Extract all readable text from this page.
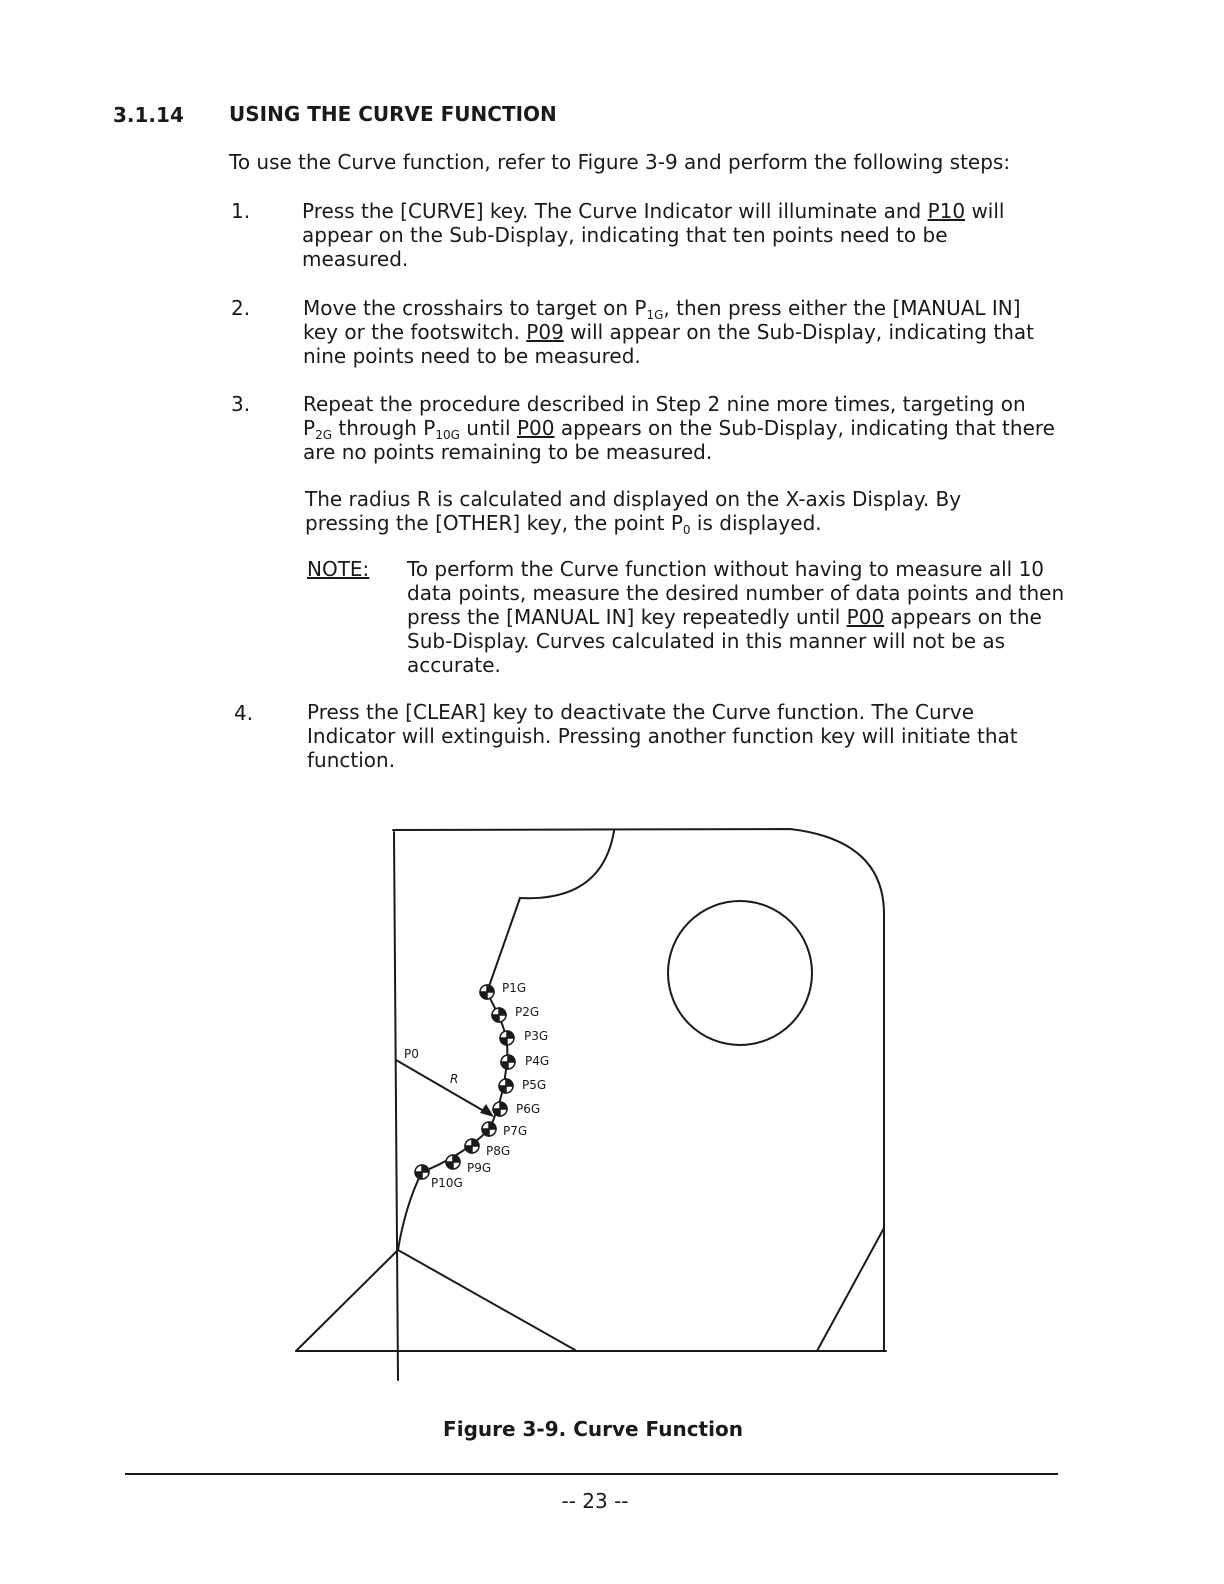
3.1.14 USING THE CURVE FUNCTION
To use the Curve function, refer to Figure 3-9 and perform the following steps:
1.	Press the [CURVE] key. The Curve Indicator will illuminate and P10 will appear on the Sub-Display, indicating that ten points need to be measured.
2.	Move the crosshairs to target on $P_{1G}$, then press either the [MANUAL IN] key or the footswitch. P09 will appear on the Sub-Display, indicating that nine points need to be measured.
3.	Repeat the procedure described in Step 2 nine more times, targeting on $P_{2G}$ through $P_{10G}$ until P00 appears on the Sub-Display, indicating that there are no points remaining to be measured.
The radius R is calculated and displayed on the X-axis Display. By pressing the [OTHER] key, the point $P_0$ is displayed.
NOTE: To perform the Curve function without having to measure all 10 data points, measure the desired number of data points and then press the [MANUAL IN] key repeatedly until P00 appears on the Sub-Display. Curves calculated in this manner will not be as accurate.
4.	Press the [CLEAR] key to deactivate the Curve function. The Curve Indicator will extinguish. Pressing another function key will initiate that function.
P1G
P2G
P3G
P4G
P5G
P6G
P7G
P8G
P9G
P10G
P0
R
Figure 3-9. Curve Function
-- 23 --
